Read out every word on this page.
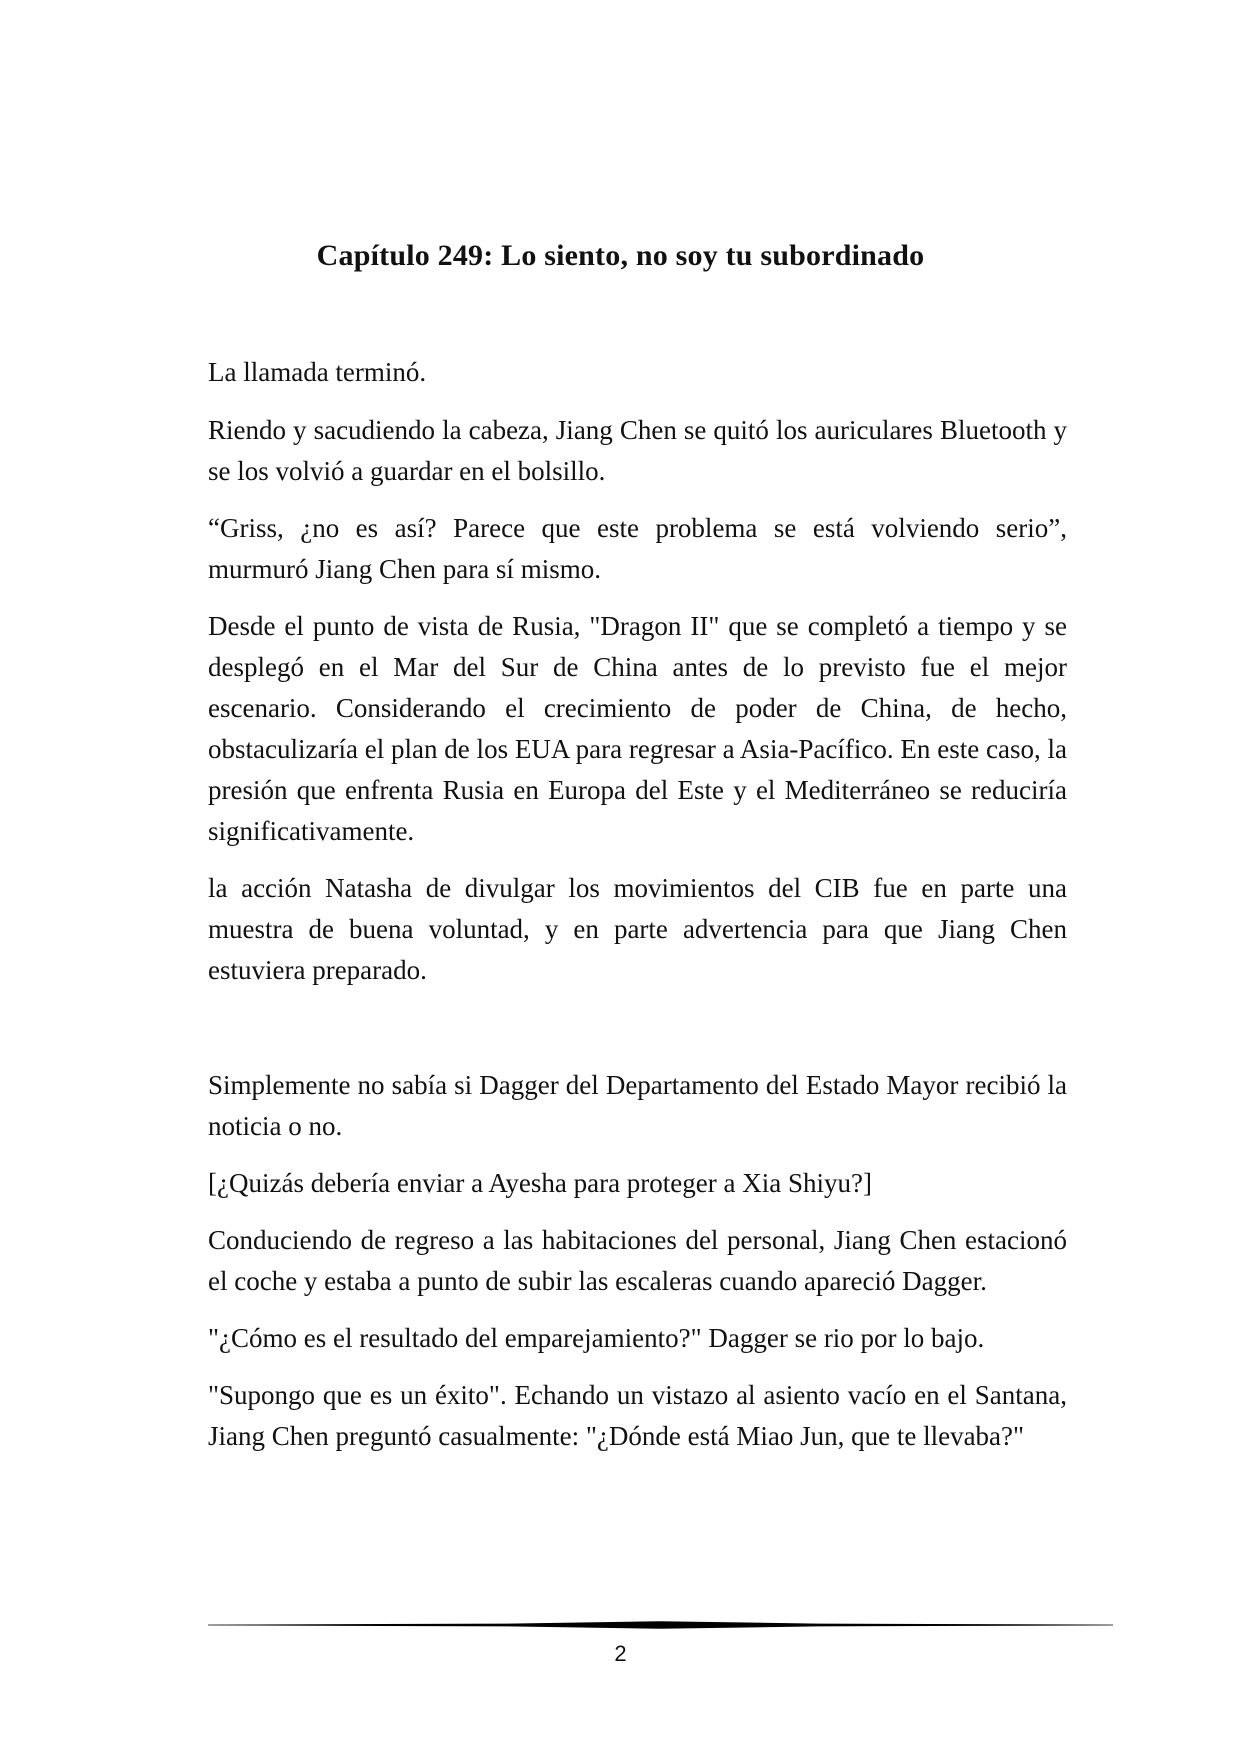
Capítulo 249: Lo siento, no soy tu subordinado

La llamada terminó.

Riendo y sacudiendo la cabeza, Jiang Chen se quitó los auriculares Bluetooth y se los volvió a guardar en el bolsillo.

“Griss, ¿no es así? Parece que este problema se está volviendo serio”, murmuró Jiang Chen para sí mismo.

Desde el punto de vista de Rusia, "Dragon II" que se completó a tiempo y se desplegó en el Mar del Sur de China antes de lo previsto fue el mejor escenario. Considerando el crecimiento de poder de China, de hecho, obstaculizaría el plan de los EUA para regresar a Asia-Pacífico. En este caso, la presión que enfrenta Rusia en Europa del Este y el Mediterráneo se reduciría significativamente.

la acción Natasha de divulgar los movimientos del CIB fue en parte una muestra de buena voluntad, y en parte advertencia para que Jiang Chen estuviera preparado.

Simplemente no sabía si Dagger del Departamento del Estado Mayor recibió la noticia o no.

[¿Quizás debería enviar a Ayesha para proteger a Xia Shiyu?]

Conduciendo de regreso a las habitaciones del personal, Jiang Chen estacionó el coche y estaba a punto de subir las escaleras cuando apareció Dagger.

"¿Cómo es el resultado del emparejamiento?" Dagger se rio por lo bajo.

"Supongo que es un éxito". Echando un vistazo al asiento vacío en el Santana, Jiang Chen preguntó casualmente: "¿Dónde está Miao Jun, que te llevaba?"

2
